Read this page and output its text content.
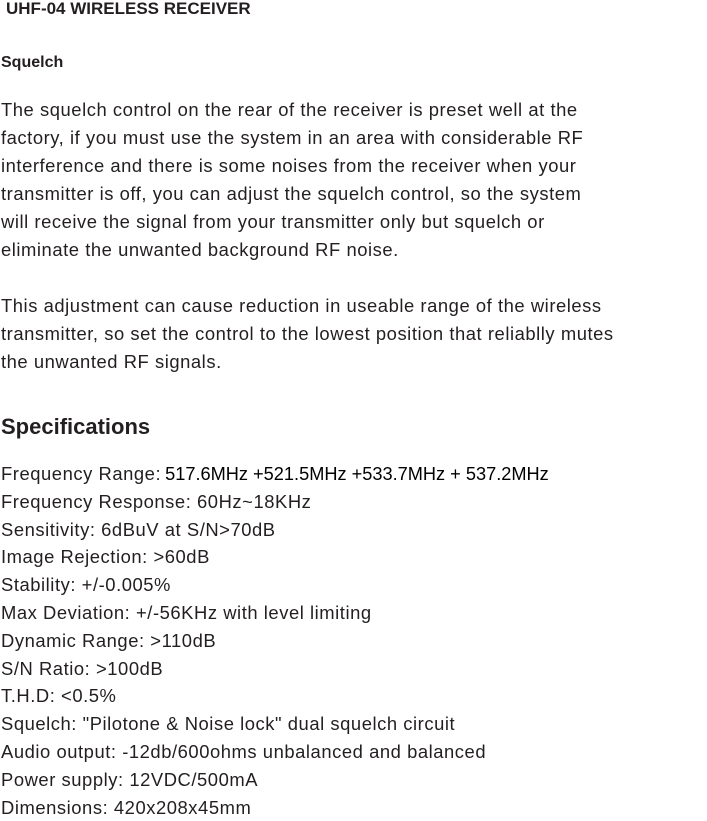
UHF-04 WIRELESS RECEIVER
Squelch

The squelch control on the rear of the receiver is preset well at the
factory, if you must use the system in an area with considerable RF
interference and there is some noises from the receiver when your
transmitter is off, you can adjust the squelch control, so the system
will receive the signal from your transmitter only but squelch or
eliminate the unwanted background RF noise.

This adjustment can cause reduction in useable range of the wireless
transmitter, so set the control to the lowest position that reliablly mutes
the unwanted RF signals.

Specifications
Frequency Range: 517.6MHz +521.5MHz +533.7MHz + 537.2MHz
Frequency Response: 60Hz~18KHz
Sensitivity: 6dBuV at S/N>70dB
Image Rejection: >60dB
Stability: +/-0.005%
Max Deviation: +/-56KHz with level limiting
Dynamic Range: >110dB
S/N Ratio: >100dB
T.H.D: <0.5%
Squelch: "Pilotone & Noise lock" dual squelch circuit
Audio output: -12db/600ohms unbalanced and balanced
Power supply: 12VDC/500mA
Dimensions: 420x208x45mm
